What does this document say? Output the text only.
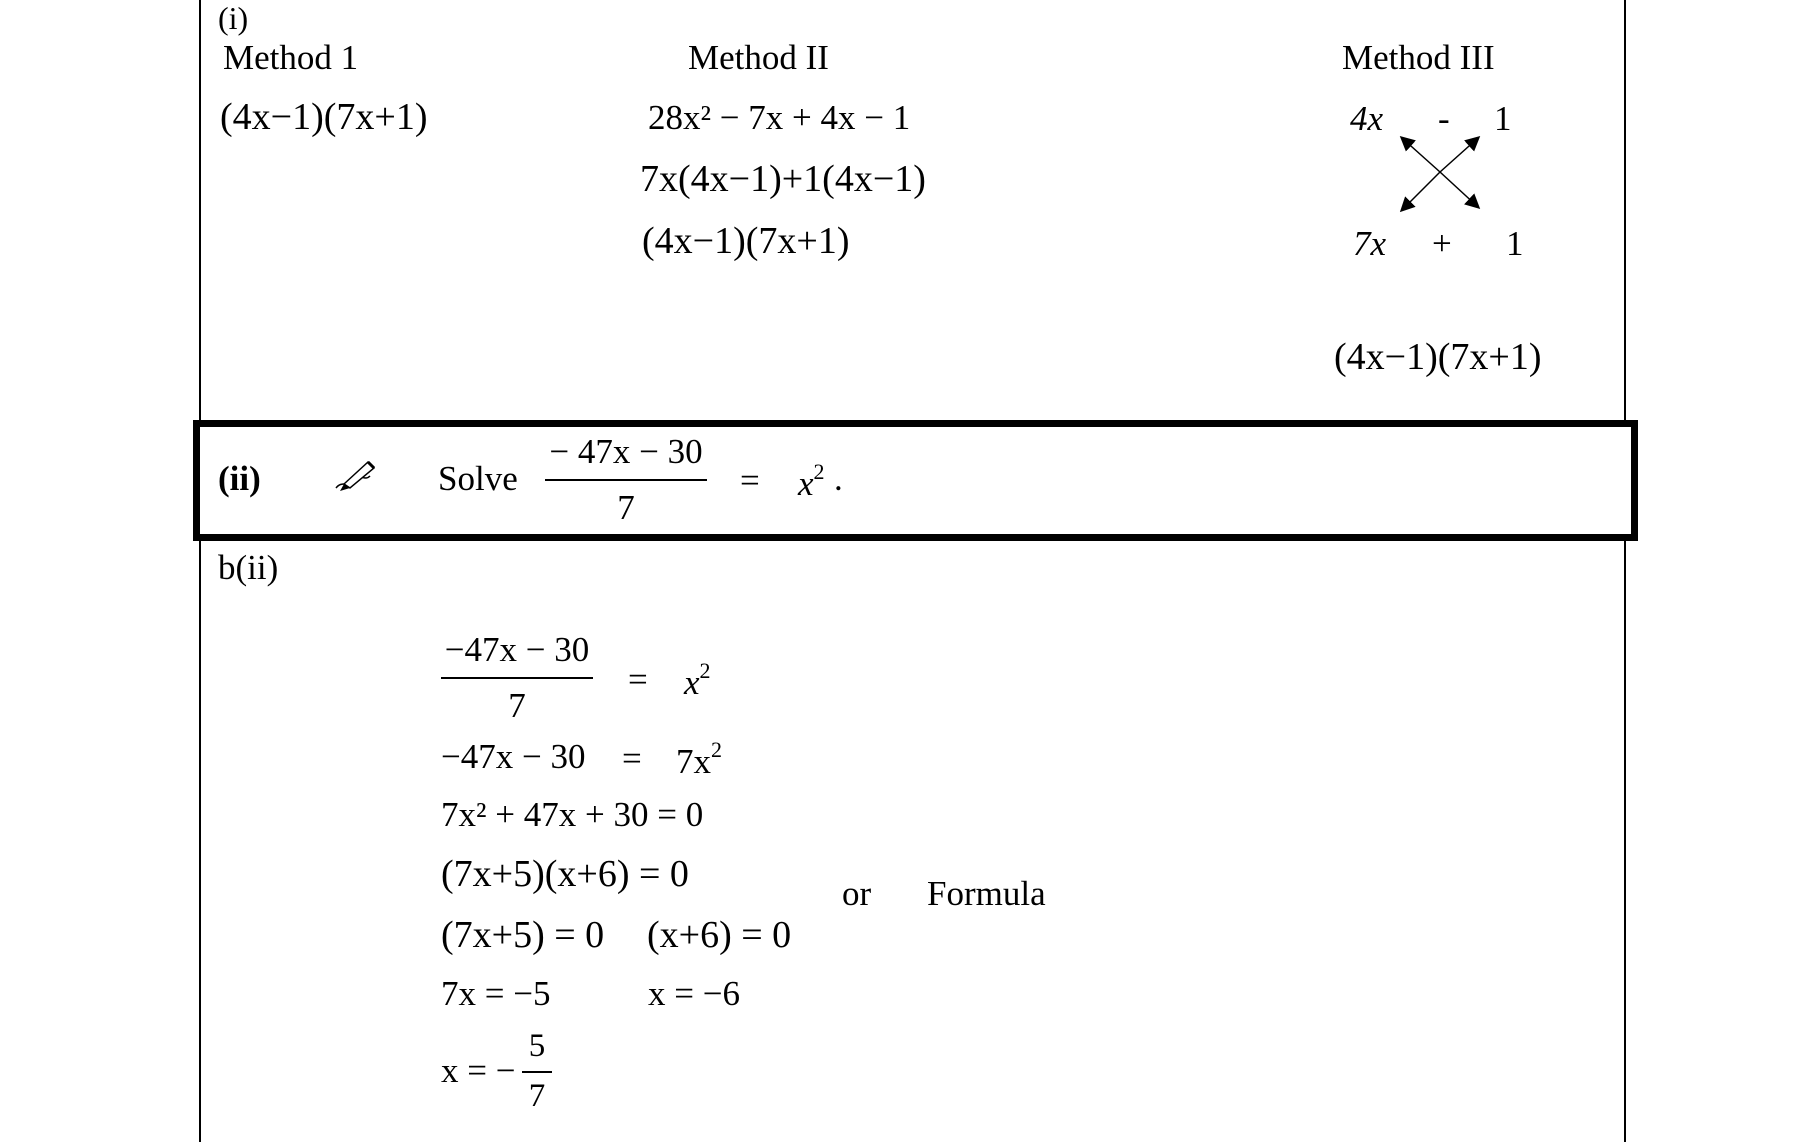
(i)
Method 1
(4x−1)(7x+1)
Method II
28x² − 7x + 4x − 1
7x(4x−1)+1(4x−1)
(4x−1)(7x+1)
Method III
4x - 1
7x + 1
(4x−1)(7x+1)
(ii)	Solve
− 47x − 30
7
= $x^2$ .
b(ii)
−47x − 30
7
= $x^2$
$-47x - 30 = 7x^2$
7x² + 47x + 30 = 0
(7x+5)(x+6) = 0
(7x+5) = 0 (x+6) = 0
7x = −5	x = −6
x = −
5
7
or Formula
